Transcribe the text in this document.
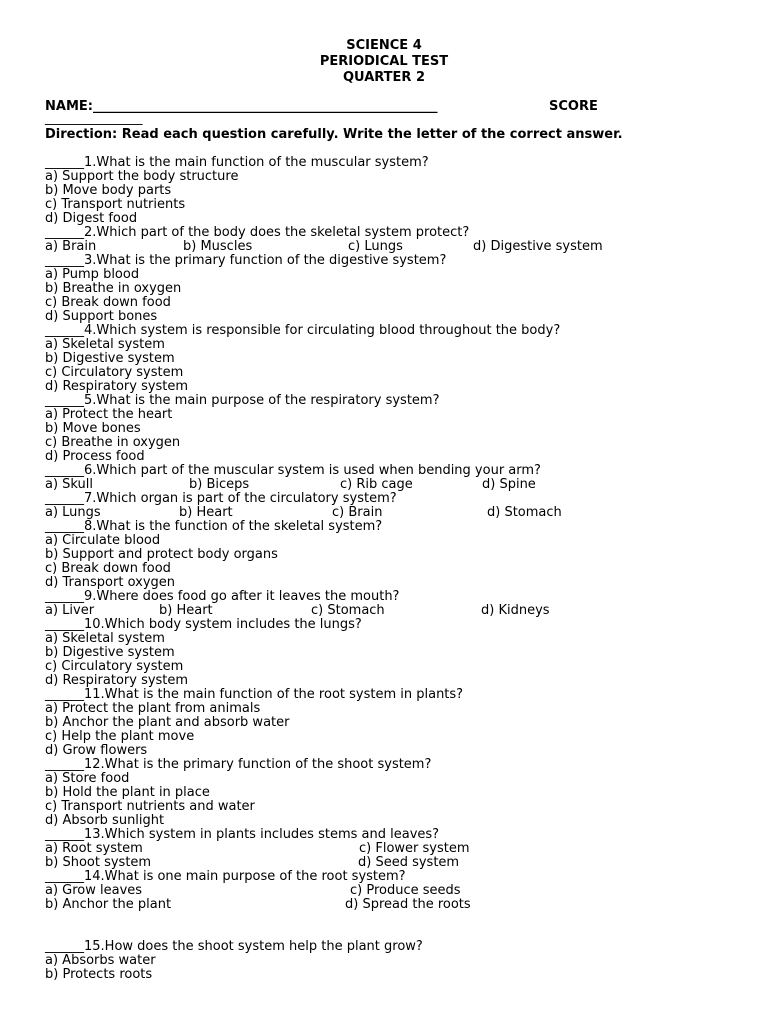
SCIENCE 4
PERIODICAL TEST
QUARTER 2
NAME:_____________________________________________________	SCORE
_______________
Direction: Read each question carefully. Write the letter of the correct answer.
______1.What is the main function of the muscular system?
a) Support the body structure
b) Move body parts
c) Transport nutrients
d) Digest food
______2.Which part of the body does the skeletal system protect?
a) Brain	b) Muscles	c) Lungs	d) Digestive system
______3.What is the primary function of the digestive system?
a) Pump blood
b) Breathe in oxygen
c) Break down food
d) Support bones
______4.Which system is responsible for circulating blood throughout the body?
a) Skeletal system
b) Digestive system
c) Circulatory system
d) Respiratory system
______5.What is the main purpose of the respiratory system?
a) Protect the heart
b) Move bones
c) Breathe in oxygen
d) Process food
______6.Which part of the muscular system is used when bending your arm?
a) Skull	b) Biceps	c) Rib cage	d) Spine
______7.Which organ is part of the circulatory system?
a) Lungs	b) Heart	c) Brain	d) Stomach
______8.What is the function of the skeletal system?
a) Circulate blood
b) Support and protect body organs
c) Break down food
d) Transport oxygen
______9.Where does food go after it leaves the mouth?
a) Liver	b) Heart	c) Stomach	d) Kidneys
______10.Which body system includes the lungs?
a) Skeletal system
b) Digestive system
c) Circulatory system
d) Respiratory system
______11.What is the main function of the root system in plants?
a) Protect the plant from animals
b) Anchor the plant and absorb water
c) Help the plant move
d) Grow flowers
______12.What is the primary function of the shoot system?
a) Store food
b) Hold the plant in place
c) Transport nutrients and water
d) Absorb sunlight
______13.Which system in plants includes stems and leaves?
a) Root system	c) Flower system
b) Shoot system	d) Seed system
______14.What is one main purpose of the root system?
a) Grow leaves	c) Produce seeds
b) Anchor the plant	d) Spread the roots
______15.How does the shoot system help the plant grow?
a) Absorbs water
b) Protects roots
